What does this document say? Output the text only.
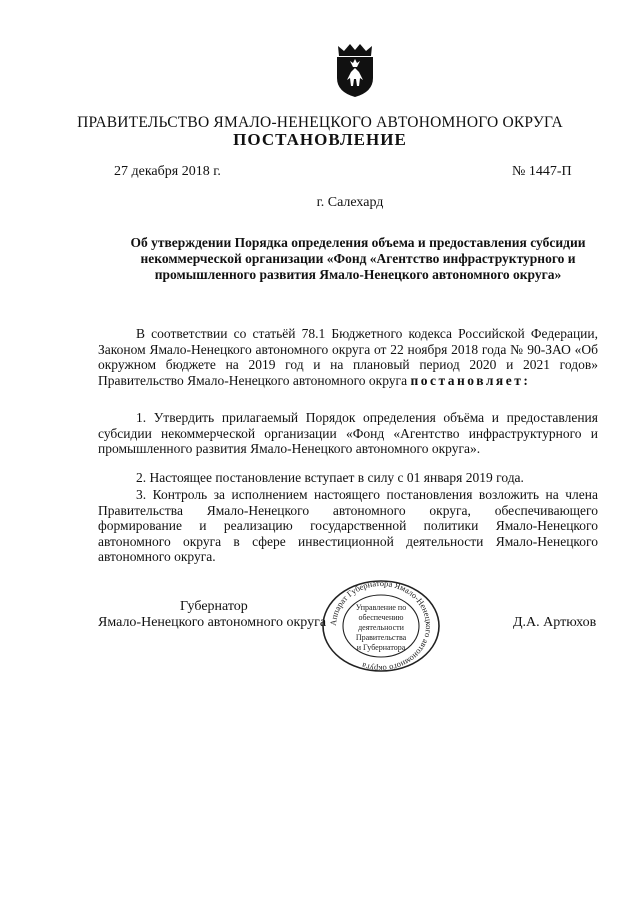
ПРАВИТЕЛЬСТВО ЯМАЛО-НЕНЕЦКОГО АВТОНОМНОГО ОКРУГА
ПОСТАНОВЛЕНИЕ
27 декабря 2018 г.	№ 1447-П
г. Салехард
Об утверждении Порядка определения объема и предоставления субсидии некоммерческой организации «Фонд «Агентство инфраструктурного и промышленного развития Ямало-Ненецкого автономного округа»
В соответствии со статьёй 78.1 Бюджетного кодекса Российской Федерации, Законом Ямало-Ненецкого автономного округа от 22 ноября 2018 года № 90-ЗАО «Об окружном бюджете на 2019 год и на плановый период 2020 и 2021 годов» Правительство Ямало-Ненецкого автономного округа постановляет:
1. Утвердить прилагаемый Порядок определения объёма и предоставления субсидии некоммерческой организации «Фонд «Агентство инфраструктурного и промышленного развития Ямало-Ненецкого автономного округа».
2. Настоящее постановление вступает в силу с 01 января 2019 года.
3. Контроль за исполнением настоящего постановления возложить на члена Правительства Ямало-Ненецкого автономного округа, обеспечивающего формирование и реализацию государственной политики Ямало-Ненецкого автономного округа в сфере инвестиционной деятельности Ямало-Ненецкого автономного округа.
Губернатор
Ямало-Ненецкого автономного округа	Д.А. Артюхов
Аппарат Губернатора Ямало-Ненецкого автономного округа
Управление по
обеспечению
деятельности
Правительства
и Губернатора
